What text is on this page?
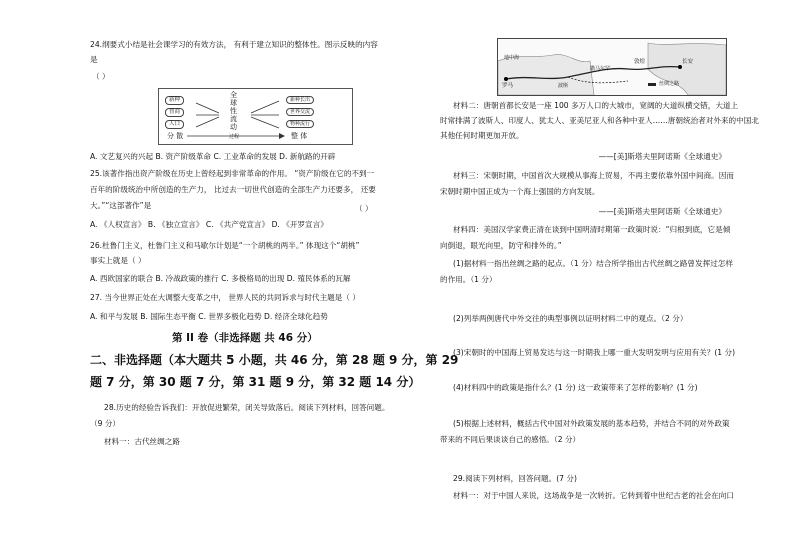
24.纲要式小结是社会课学习的有效方法， 有利于建立知识的整体性。图示反映的内容
是
（ ）
新种
智商
人口
全球性流动
新种长出
世界交流
物种流行
分 散	过程	整 体
A. 文艺复兴的兴起 B. 资产阶级革命 C. 工业革命的发展 D. 新航路的开辟
25.该著作指出资产阶级在历史上曾经起到非常革命的作用。 “资产阶级在它的不到一
百年的阶级统治中所创造的生产力， 比过去一切世代创造的全部生产力还要多， 还要
大。”“这部著作”是	（ ）
A. 《人权宣言》 B. 《独立宣言》 C. 《共产党宣言》 D. 《开罗宣言》
26.杜鲁门主义，杜鲁门主义和马歇尔计划是“一个胡桃的两半。” 体现这个“胡桃”
事实上就是（ ）
A. 西欧国家的联合 B. 冷战政策的推行 C. 多极格局的出现 D. 殖民体系的瓦解
27. 当今世界正处在大调整大变革之中， 世界人民的共同诉求与时代主题是（ ）
A. 和平与发展 B. 国际生态平衡 C. 世界多极化趋势 D. 经济全球化趋势
第 II 卷（非选择题 共 46 分）
二、非选择题（本大题共 5 小题，共 46 分，第 28 题 9 分，第 29
题 7 分，第 30 题 7 分，第 31 题 9 分，第 32 题 14 分）
28.历史的经验告诉我们：开放促进繁荣，闭关导致落后。阅读下列材料，回答问题。
（9 分）
材料一：古代丝绸之路
长安
敦煌
地中海
罗马
撒马尔罕
波斯	丝绸之路
材料二：唐朝首都长安是一座 100 多万人口的大城市，宽阔的大道纵横交错，大道上
时常排满了波斯人、印度人、犹太人、亚美尼亚人和各种中亚人……唐朝统治者对外来的中国北
其他任何时期更加开放。
——[美]斯塔夫里阿诺斯《全球通史》
材料三：宋朝时期，中国首次大规模从事海上贸易，不再主要依靠外国中间商。因而
宋朝时期中国正成为一个海上强国的方向发展。
——[美]斯塔夫里阿诺斯《全球通史》
材料四：美国汉学家费正清在谈到中国明清时期第一政策时说：“归根到底，它是倾
向倒退，眼光向里，防守和排外的。”
(1)据材料一指出丝绸之路的起点。（1 分）结合所学指出古代丝绸之路曾发挥过怎样
的作用。（1 分）
(2)列举两例唐代中外交往的典型事例以证明材料二中的观点。（2 分）
(3)宋朝时的中国海上贸易发达与这一时期我上哪一重大发明发明与应用有关？(1 分)
(4)材料四中的政策是指什么？(1 分) 这一政策带来了怎样的影响？(1 分)
(5)根据上述材料，概括古代中国对外政策发展的基本趋势，并结合不同的对外政策
带来的不同后果谈谈自己的感悟。（2 分）
29.阅读下列材料，回答问题。(7 分)
材料一：对于中国人来说，这场战争是一次转折。它转到着中世纪古老的社会在向口
